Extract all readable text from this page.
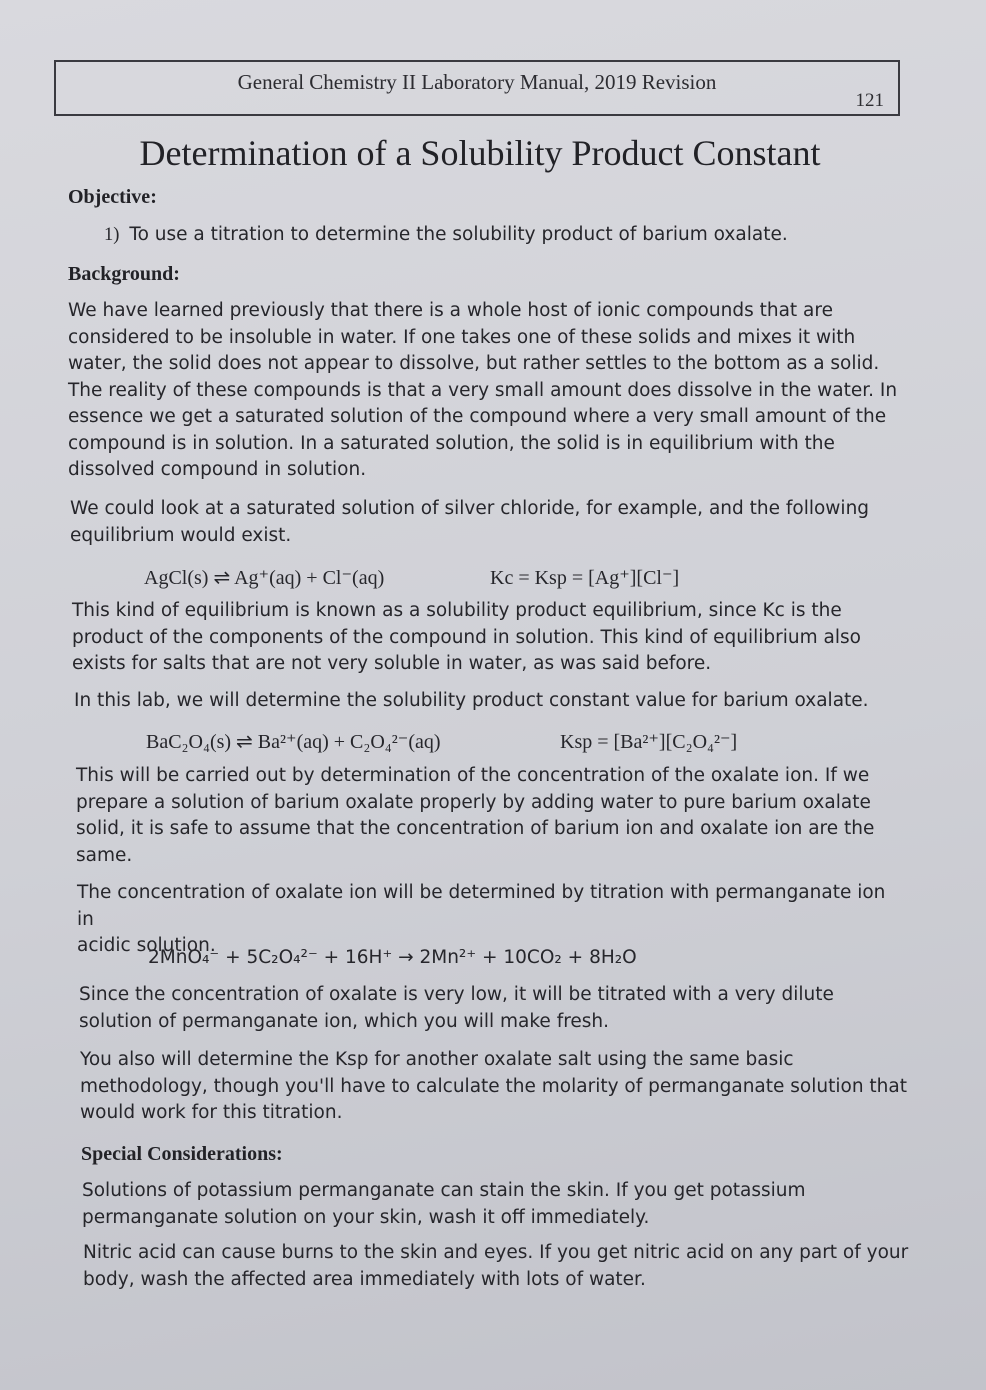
General Chemistry II Laboratory Manual, 2019 Revision
121
Determination of a Solubility Product Constant
Objective:
1) To use a titration to determine the solubility product of barium oxalate.
Background:
We have learned previously that there is a whole host of ionic compounds that are
considered to be insoluble in water. If one takes one of these solids and mixes it with
water, the solid does not appear to dissolve, but rather settles to the bottom as a solid.
The reality of these compounds is that a very small amount does dissolve in the water. In
essence we get a saturated solution of the compound where a very small amount of the
compound is in solution. In a saturated solution, the solid is in equilibrium with the
dissolved compound in solution.
We could look at a saturated solution of silver chloride, for example, and the following
equilibrium would exist.
AgCl(s) ⇌ Ag⁺(aq) + Cl⁻(aq)	Kc = Ksp = [Ag⁺][Cl⁻]
This kind of equilibrium is known as a solubility product equilibrium, since Kc is the
product of the components of the compound in solution. This kind of equilibrium also
exists for salts that are not very soluble in water, as was said before.
In this lab, we will determine the solubility product constant value for barium oxalate.
BaC₂O₄(s) ⇌ Ba²⁺(aq) + C₂O₄²⁻(aq)	Ksp = [Ba²⁺][C₂O₄²⁻]
This will be carried out by determination of the concentration of the oxalate ion. If we
prepare a solution of barium oxalate properly by adding water to pure barium oxalate
solid, it is safe to assume that the concentration of barium ion and oxalate ion are the
same.
The concentration of oxalate ion will be determined by titration with permanganate ion in
acidic solution.
2MnO₄⁻ + 5C₂O₄²⁻ + 16H⁺ → 2Mn²⁺ + 10CO₂ + 8H₂O
Since the concentration of oxalate is very low, it will be titrated with a very dilute
solution of permanganate ion, which you will make fresh.
You also will determine the Ksp for another oxalate salt using the same basic
methodology, though you'll have to calculate the molarity of permanganate solution that
would work for this titration.
Special Considerations:
Solutions of potassium permanganate can stain the skin. If you get potassium
permanganate solution on your skin, wash it off immediately.
Nitric acid can cause burns to the skin and eyes. If you get nitric acid on any part of your
body, wash the affected area immediately with lots of water.
